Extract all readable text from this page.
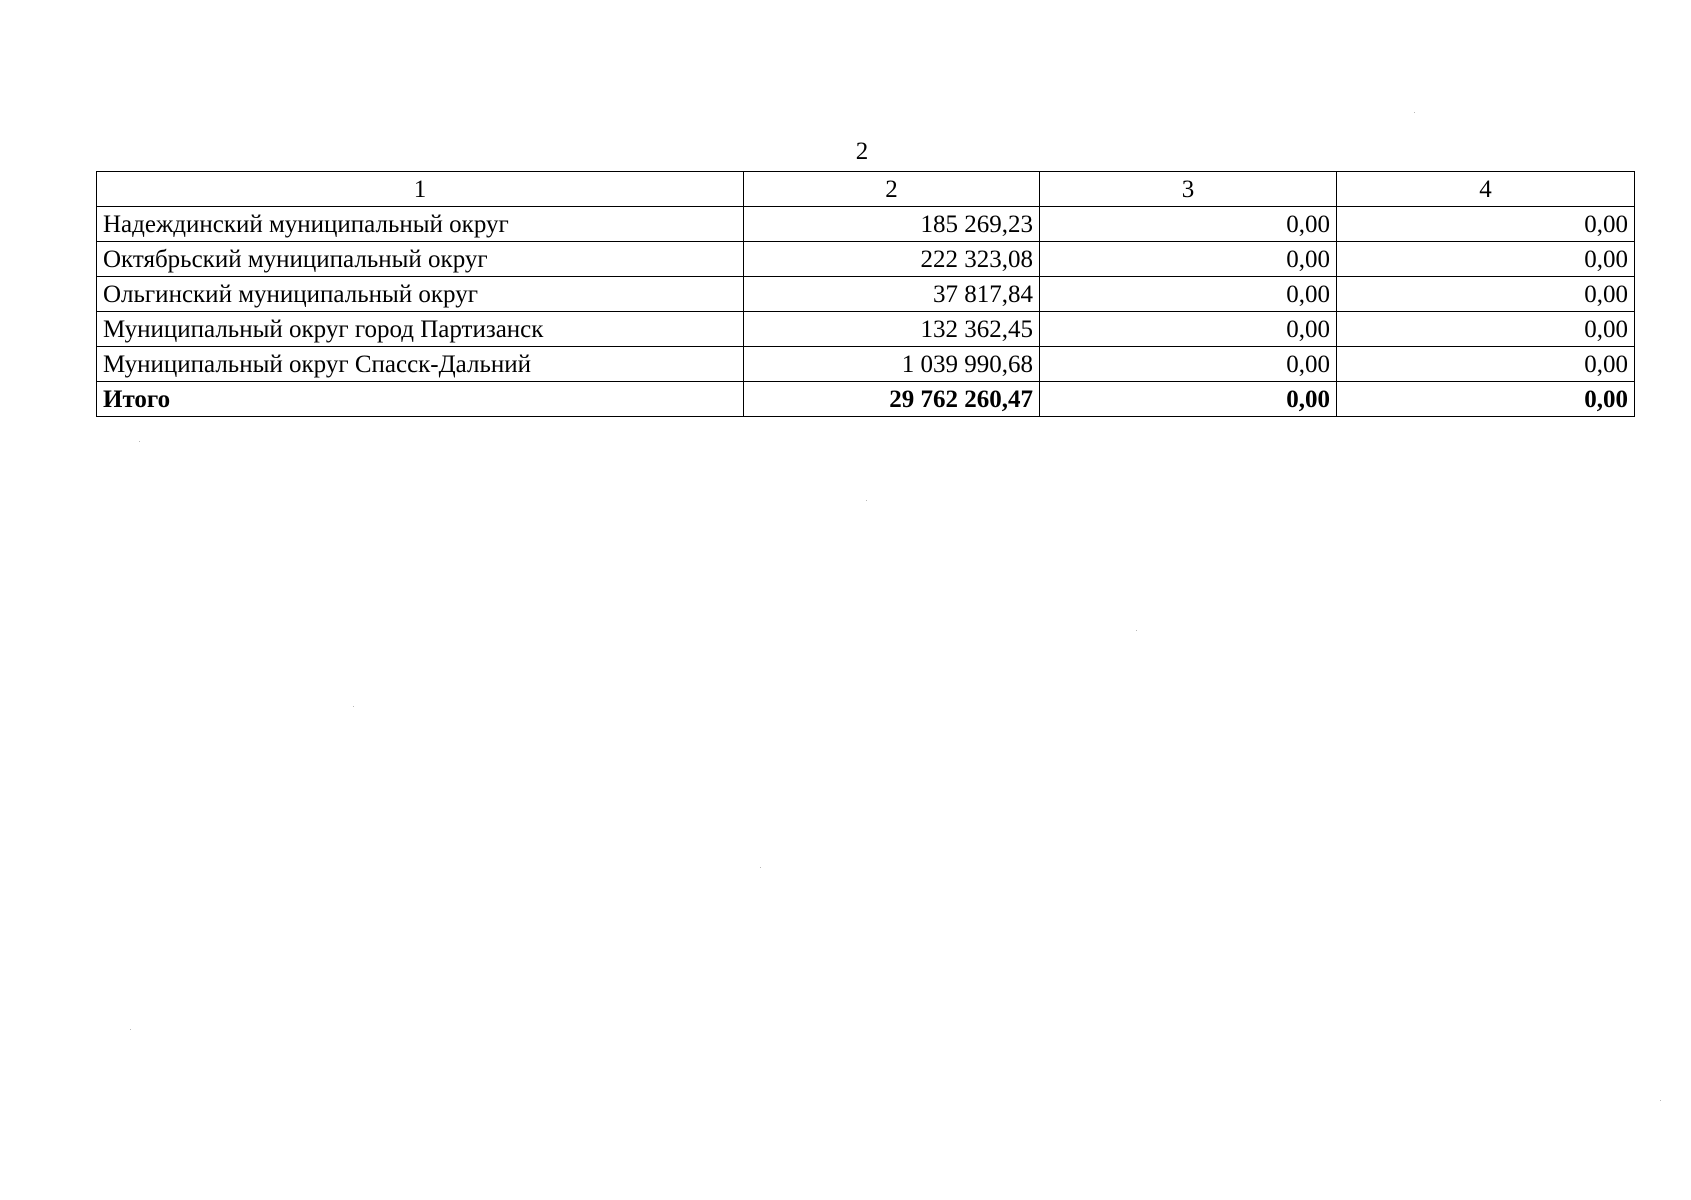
2
1	2	3	4
Надеждинский муниципальный округ	185 269,23	0,00	0,00
Октябрьский муниципальный округ	222 323,08	0,00	0,00
Ольгинский муниципальный округ	37 817,84	0,00	0,00
Муниципальный округ город Партизанск	132 362,45	0,00	0,00
Муниципальный округ Спасск-Дальний	1 039 990,68	0,00	0,00
Итого	29 762 260,47	0,00	0,00
